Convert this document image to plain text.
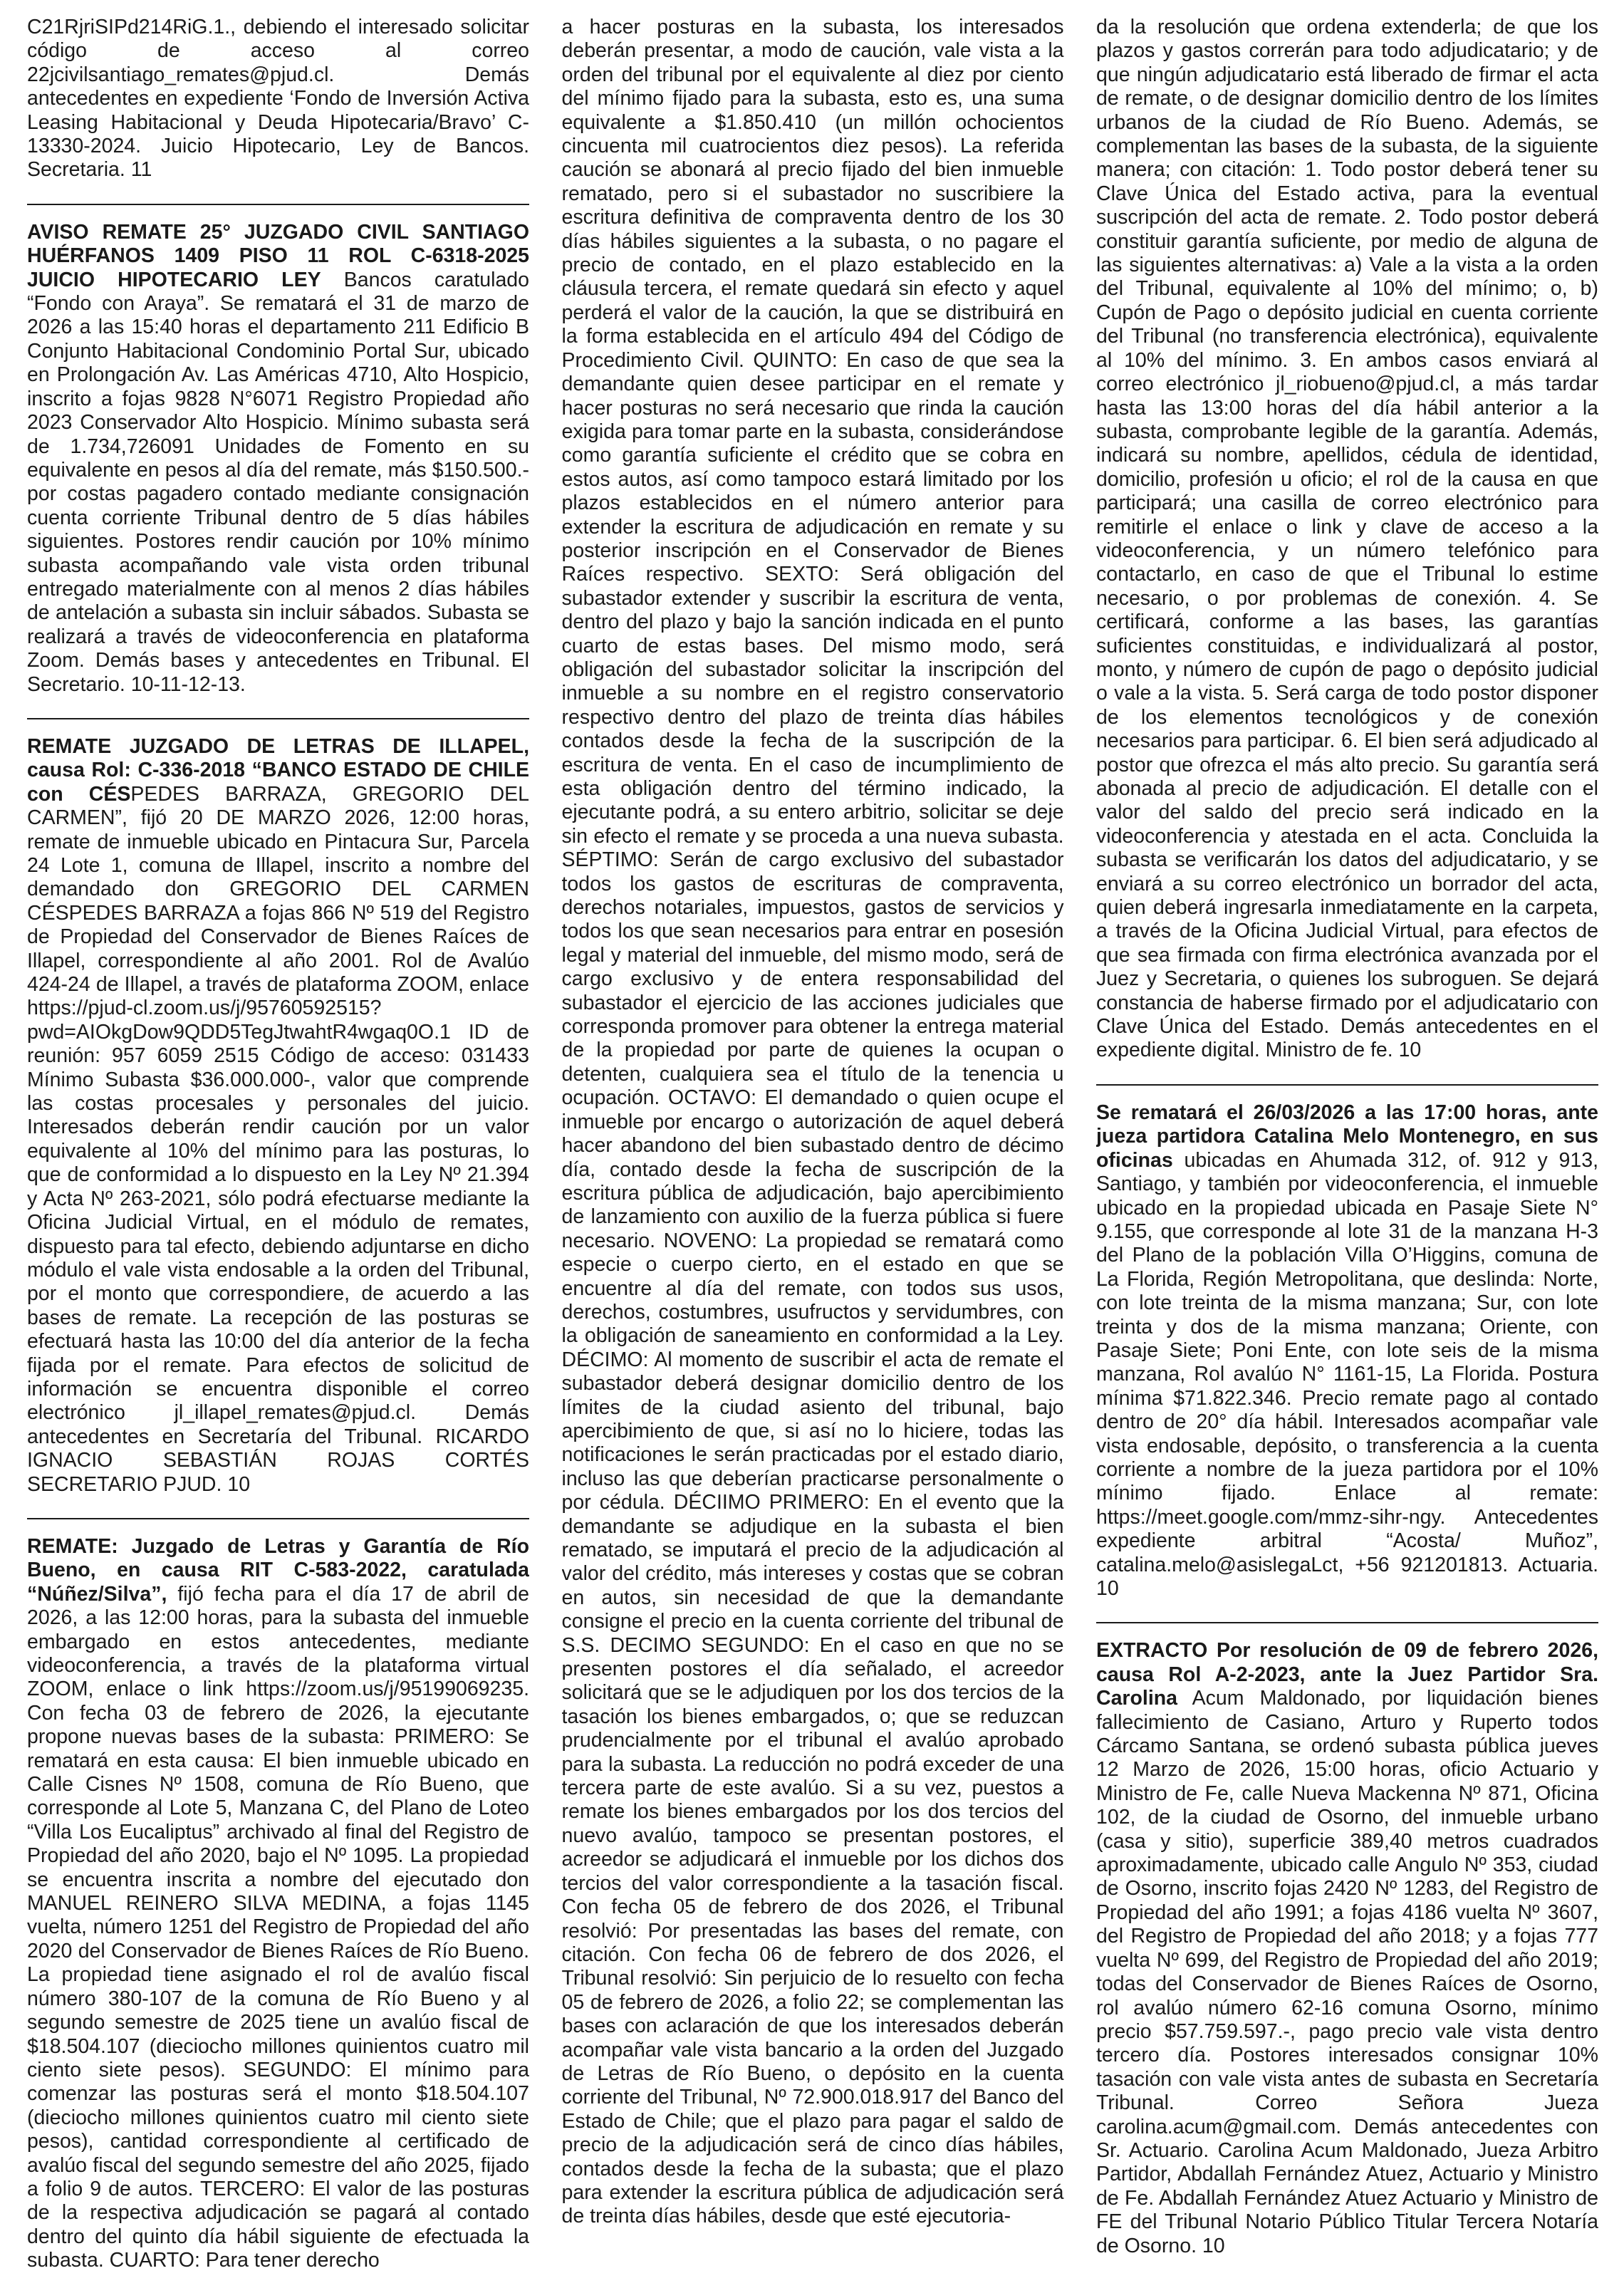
C21RjriSIPd214RiG.1., debiendo el interesado solicitar código de acceso al correo 22jcivilsantiago_remates@pjud.cl. Demás antecedentes en expediente ‘Fondo de Inversión Activa Leasing Habitacional y Deuda Hipotecaria/Bravo’ C-13330-2024. Juicio Hipotecario, Ley de Bancos. Secretaria. 11

AVISO REMATE 25° JUZGADO CIVIL SANTIAGO HUÉRFANOS 1409 PISO 11 ROL C-6318-2025 JUICIO HIPOTECARIO LEY Bancos caratulado “Fondo con Araya”. Se rematará el 31 de marzo de 2026 a las 15:40 horas el departamento 211 Edificio B Conjunto Habitacional Condominio Portal Sur, ubicado en Prolongación Av. Las Américas 4710, Alto Hospicio, inscrito a fojas 9828 N°6071 Registro Propiedad año 2023 Conservador Alto Hospicio. Mínimo subasta será de 1.734,726091 Unidades de Fomento en su equivalente en pesos al día del remate, más $150.500.- por costas pagadero contado mediante consignación cuenta corriente Tribunal dentro de 5 días hábiles siguientes. Postores rendir caución por 10% mínimo subasta acompañando vale vista orden tribunal entregado materialmente con al menos 2 días hábiles de antelación a subasta sin incluir sábados. Subasta se realizará a través de videoconferencia en plataforma Zoom. Demás bases y antecedentes en Tribunal. El Secretario. 10-11-12-13.

REMATE JUZGADO DE LETRAS DE ILLAPEL, causa Rol: C-336-2018 “BANCO ESTADO DE CHILE con CÉSPEDES BARRAZA, GREGORIO DEL CARMEN”, fijó 20 DE MARZO 2026, 12:00 horas, remate de inmueble ubicado en Pintacura Sur, Parcela 24 Lote 1, comuna de Illapel, inscrito a nombre del demandado don GREGORIO DEL CARMEN CÉSPEDES BARRAZA a fojas 866 Nº 519 del Registro de Propiedad del Conservador de Bienes Raíces de Illapel, correspondiente al año 2001. Rol de Avalúo 424-24 de Illapel, a través de plataforma ZOOM, enlace https://pjud-cl.zoom.us/j/95760592515?pwd=AIOkgDow9QDD5TegJtwahtR4wgaq0O.1 ID de reunión: 957 6059 2515 Código de acceso: 031433 Mínimo Subasta $36.000.000-, valor que comprende las costas procesales y personales del juicio. Interesados deberán rendir caución por un valor equivalente al 10% del mínimo para las posturas, lo que de conformidad a lo dispuesto en la Ley Nº 21.394 y Acta Nº 263-2021, sólo podrá efectuarse mediante la Oficina Judicial Virtual, en el módulo de remates, dispuesto para tal efecto, debiendo adjuntarse en dicho módulo el vale vista endosable a la orden del Tribunal, por el monto que correspondiere, de acuerdo a las bases de remate. La recepción de las posturas se efectuará hasta las 10:00 del día anterior de la fecha fijada por el remate. Para efectos de solicitud de información se encuentra disponible el correo electrónico jl_illapel_remates@pjud.cl. Demás antecedentes en Secretaría del Tribunal. RICARDO IGNACIO SEBASTIÁN ROJAS CORTÉS SECRETARIO PJUD. 10

REMATE: Juzgado de Letras y Garantía de Río Bueno, en causa RIT C-583-2022, caratulada “Núñez/Silva”, fijó fecha para el día 17 de abril de 2026, a las 12:00 horas, para la subasta del inmueble embargado en estos antecedentes, mediante videoconferencia, a través de la plataforma virtual ZOOM, enlace o link https://zoom.us/j/95199069235. Con fecha 03 de febrero de 2026, la ejecutante propone nuevas bases de la subasta: PRIMERO: Se rematará en esta causa: El bien inmueble ubicado en Calle Cisnes Nº 1508, comuna de Río Bueno, que corresponde al Lote 5, Manzana C, del Plano de Loteo “Villa Los Eucaliptus” archivado al final del Registro de Propiedad del año 2020, bajo el Nº 1095. La propiedad se encuentra inscrita a nombre del ejecutado don MANUEL REINERO SILVA MEDINA, a fojas 1145 vuelta, número 1251 del Registro de Propiedad del año 2020 del Conservador de Bienes Raíces de Río Bueno. La propiedad tiene asignado el rol de avalúo fiscal número 380-107 de la comuna de Río Bueno y al segundo semestre de 2025 tiene un avalúo fiscal de $18.504.107 (dieciocho millones quinientos cuatro mil ciento siete pesos). SEGUNDO: El mínimo para comenzar las posturas será el monto $18.504.107 (dieciocho millones quinientos cuatro mil ciento siete pesos), cantidad correspondiente al certificado de avalúo fiscal del segundo semestre del año 2025, fijado a folio 9 de autos. TERCERO: El valor de las posturas de la respectiva adjudicación se pagará al contado dentro del quinto día hábil siguiente de efectuada la subasta. CUARTO: Para tener derecho

a hacer posturas en la subasta, los interesados deberán presentar, a modo de caución, vale vista a la orden del tribunal por el equivalente al diez por ciento del mínimo fijado para la subasta, esto es, una suma equivalente a $1.850.410 (un millón ochocientos cincuenta mil cuatrocientos diez pesos). La referida caución se abonará al precio fijado del bien inmueble rematado, pero si el subastador no suscribiere la escritura definitiva de compraventa dentro de los 30 días hábiles siguientes a la subasta, o no pagare el precio de contado, en el plazo establecido en la cláusula tercera, el remate quedará sin efecto y aquel perderá el valor de la caución, la que se distribuirá en la forma establecida en el artículo 494 del Código de Procedimiento Civil. QUINTO: En caso de que sea la demandante quien desee participar en el remate y hacer posturas no será necesario que rinda la caución exigida para tomar parte en la subasta, considerándose como garantía suficiente el crédito que se cobra en estos autos, así como tampoco estará limitado por los plazos establecidos en el número anterior para extender la escritura de adjudicación en remate y su posterior inscripción en el Conservador de Bienes Raíces respectivo. SEXTO: Será obligación del subastador extender y suscribir la escritura de venta, dentro del plazo y bajo la sanción indicada en el punto cuarto de estas bases. Del mismo modo, será obligación del subastador solicitar la inscripción del inmueble a su nombre en el registro conservatorio respectivo dentro del plazo de treinta días hábiles contados desde la fecha de la suscripción de la escritura de venta. En el caso de incumplimiento de esta obligación dentro del término indicado, la ejecutante podrá, a su entero arbitrio, solicitar se deje sin efecto el remate y se proceda a una nueva subasta. SÉPTIMO: Serán de cargo exclusivo del subastador todos los gastos de escrituras de compraventa, derechos notariales, impuestos, gastos de servicios y todos los que sean necesarios para entrar en posesión legal y material del inmueble, del mismo modo, será de cargo exclusivo y de entera responsabilidad del subastador el ejercicio de las acciones judiciales que corresponda promover para obtener la entrega material de la propiedad por parte de quienes la ocupan o detenten, cualquiera sea el título de la tenencia u ocupación. OCTAVO: El demandado o quien ocupe el inmueble por encargo o autorización de aquel deberá hacer abandono del bien subastado dentro de décimo día, contado desde la fecha de suscripción de la escritura pública de adjudicación, bajo apercibimiento de lanzamiento con auxilio de la fuerza pública si fuere necesario. NOVENO: La propiedad se rematará como especie o cuerpo cierto, en el estado en que se encuentre al día del remate, con todos sus usos, derechos, costumbres, usufructos y servidumbres, con la obligación de saneamiento en conformidad a la Ley. DÉCIMO: Al momento de suscribir el acta de remate el subastador deberá designar domicilio dentro de los límites de la ciudad asiento del tribunal, bajo apercibimiento de que, si así no lo hiciere, todas las notificaciones le serán practicadas por el estado diario, incluso las que deberían practicarse personalmente o por cédula. DÉCIIMO PRIMERO: En el evento que la demandante se adjudique en la subasta el bien rematado, se imputará el precio de la adjudicación al valor del crédito, más intereses y costas que se cobran en autos, sin necesidad de que la demandante consigne el precio en la cuenta corriente del tribunal de S.S. DECIMO SEGUNDO: En el caso en que no se presenten postores el día señalado, el acreedor solicitará que se le adjudiquen por los dos tercios de la tasación los bienes embargados, o; que se reduzcan prudencialmente por el tribunal el avalúo aprobado para la subasta. La reducción no podrá exceder de una tercera parte de este avalúo. Si a su vez, puestos a remate los bienes embargados por los dos tercios del nuevo avalúo, tampoco se presentan postores, el acreedor se adjudicará el inmueble por los dichos dos tercios del valor correspondiente a la tasación fiscal. Con fecha 05 de febrero de dos 2026, el Tribunal resolvió: Por presentadas las bases del remate, con citación. Con fecha 06 de febrero de dos 2026, el Tribunal resolvió: Sin perjuicio de lo resuelto con fecha 05 de febrero de 2026, a folio 22; se complementan las bases con aclaración de que los interesados deberán acompañar vale vista bancario a la orden del Juzgado de Letras de Río Bueno, o depósito en la cuenta corriente del Tribunal, Nº 72.900.018.917 del Banco del Estado de Chile; que el plazo para pagar el saldo de precio de la adjudicación será de cinco días hábiles, contados desde la fecha de la subasta; que el plazo para extender la escritura pública de adjudicación será de treinta días hábiles, desde que esté ejecutoria-

da la resolución que ordena extenderla; de que los plazos y gastos correrán para todo adjudicatario; y de que ningún adjudicatario está liberado de firmar el acta de remate, o de designar domicilio dentro de los límites urbanos de la ciudad de Río Bueno. Además, se complementan las bases de la subasta, de la siguiente manera; con citación: 1. Todo postor deberá tener su Clave Única del Estado activa, para la eventual suscripción del acta de remate. 2. Todo postor deberá constituir garantía suficiente, por medio de alguna de las siguientes alternativas: a) Vale a la vista a la orden del Tribunal, equivalente al 10% del mínimo; o, b) Cupón de Pago o depósito judicial en cuenta corriente del Tribunal (no transferencia electrónica), equivalente al 10% del mínimo. 3. En ambos casos enviará al correo electrónico jl_riobueno@pjud.cl, a más tardar hasta las 13:00 horas del día hábil anterior a la subasta, comprobante legible de la garantía. Además, indicará su nombre, apellidos, cédula de identidad, domicilio, profesión u oficio; el rol de la causa en que participará; una casilla de correo electrónico para remitirle el enlace o link y clave de acceso a la videoconferencia, y un número telefónico para contactarlo, en caso de que el Tribunal lo estime necesario, o por problemas de conexión. 4. Se certificará, conforme a las bases, las garantías suficientes constituidas, e individualizará al postor, monto, y número de cupón de pago o depósito judicial o vale a la vista. 5. Será carga de todo postor disponer de los elementos tecnológicos y de conexión necesarios para participar. 6. El bien será adjudicado al postor que ofrezca el más alto precio. Su garantía será abonada al precio de adjudicación. El detalle con el valor del saldo del precio será indicado en la videoconferencia y atestada en el acta. Concluida la subasta se verificarán los datos del adjudicatario, y se enviará a su correo electrónico un borrador del acta, quien deberá ingresarla inmediatamente en la carpeta, a través de la Oficina Judicial Virtual, para efectos de que sea firmada con firma electrónica avanzada por el Juez y Secretaria, o quienes los subroguen. Se dejará constancia de haberse firmado por el adjudicatario con Clave Única del Estado. Demás antecedentes en el expediente digital. Ministro de fe. 10

Se rematará el 26/03/2026 a las 17:00 horas, ante jueza partidora Catalina Melo Montenegro, en sus oficinas ubicadas en Ahumada 312, of. 912 y 913, Santiago, y también por videoconferencia, el inmueble ubicado en la propiedad ubicada en Pasaje Siete N° 9.155, que corresponde al lote 31 de la manzana H-3 del Plano de la población Villa O’Higgins, comuna de La Florida, Región Metropolitana, que deslinda: Norte, con lote treinta de la misma manzana; Sur, con lote treinta y dos de la misma manzana; Oriente, con Pasaje Siete; Poni Ente, con lote seis de la misma manzana, Rol avalúo N° 1161-15, La Florida. Postura mínima $71.822.346. Precio remate pago al contado dentro de 20° día hábil. Interesados acompañar vale vista endosable, depósito, o transferencia a la cuenta corriente a nombre de la jueza partidora por el 10% mínimo fijado. Enlace al remate: https://meet.google.com/mmz-sihr-ngy. Antecedentes expediente arbitral “Acosta/ Muñoz”, catalina.melo@asislegaLct, +56 921201813. Actuaria. 10

EXTRACTO Por resolución de 09 de febrero 2026, causa Rol A-2-2023, ante la Juez Partidor Sra. Carolina Acum Maldonado, por liquidación bienes fallecimiento de Casiano, Arturo y Ruperto todos Cárcamo Santana, se ordenó subasta pública jueves 12 Marzo de 2026, 15:00 horas, oficio Actuario y Ministro de Fe, calle Nueva Mackenna Nº 871, Oficina 102, de la ciudad de Osorno, del inmueble urbano (casa y sitio), superficie 389,40 metros cuadrados aproximadamente, ubicado calle Angulo Nº 353, ciudad de Osorno, inscrito fojas 2420 Nº 1283, del Registro de Propiedad del año 1991; a fojas 4186 vuelta Nº 3607, del Registro de Propiedad del año 2018; y a fojas 777 vuelta Nº 699, del Registro de Propiedad del año 2019; todas del Conservador de Bienes Raíces de Osorno, rol avalúo número 62-16 comuna Osorno, mínimo precio $57.759.597.-, pago precio vale vista dentro tercero día. Postores interesados consignar 10% tasación con vale vista antes de subasta en Secretaría Tribunal. Correo Señora Jueza carolina.acum@gmail.com. Demás antecedentes con Sr. Actuario. Carolina Acum Maldonado, Jueza Arbitro Partidor, Abdallah Fernández Atuez, Actuario y Ministro de Fe. Abdallah Fernández Atuez Actuario y Ministro de FE del Tribunal Notario Público Titular Tercera Notaría de Osorno. 10
